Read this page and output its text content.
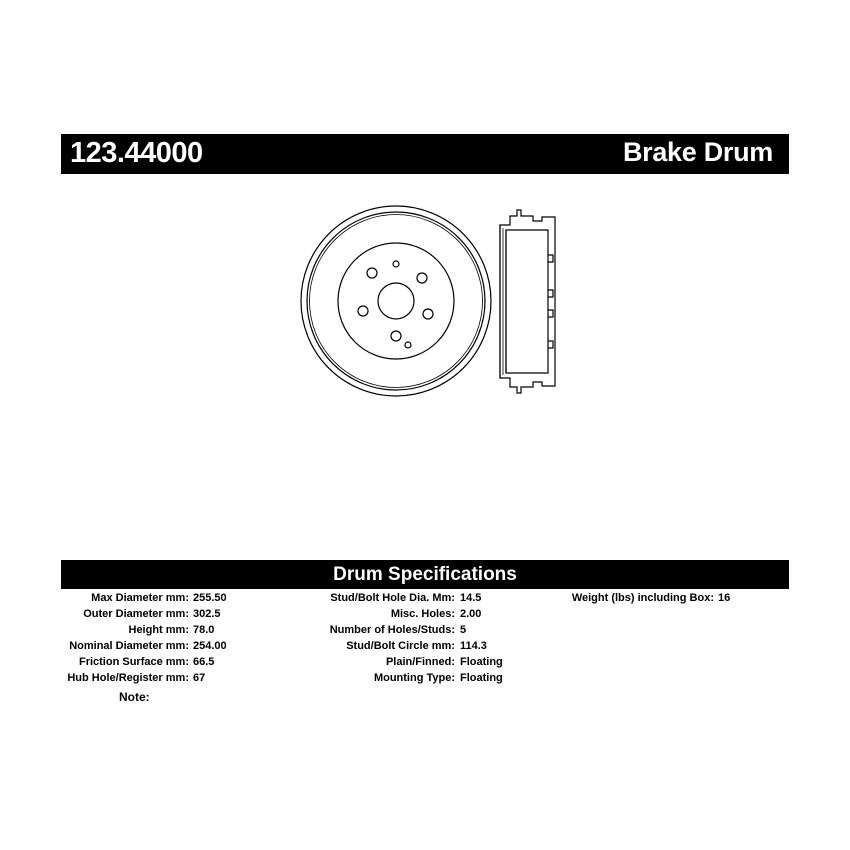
123.44000	Brake Drum
Drum Specifications
Max Diameter mm: 255.50
Outer Diameter mm: 302.5
Height mm: 78.0
Nominal Diameter mm: 254.00
Friction Surface mm: 66.5
Hub Hole/Register mm: 67
Stud/Bolt Hole Dia. Mm: 14.5
Misc. Holes: 2.00
Number of Holes/Studs: 5
Stud/Bolt Circle mm: 114.3
Plain/Finned: Floating
Mounting Type: Floating
Weight (lbs) including Box: 16
Note:
